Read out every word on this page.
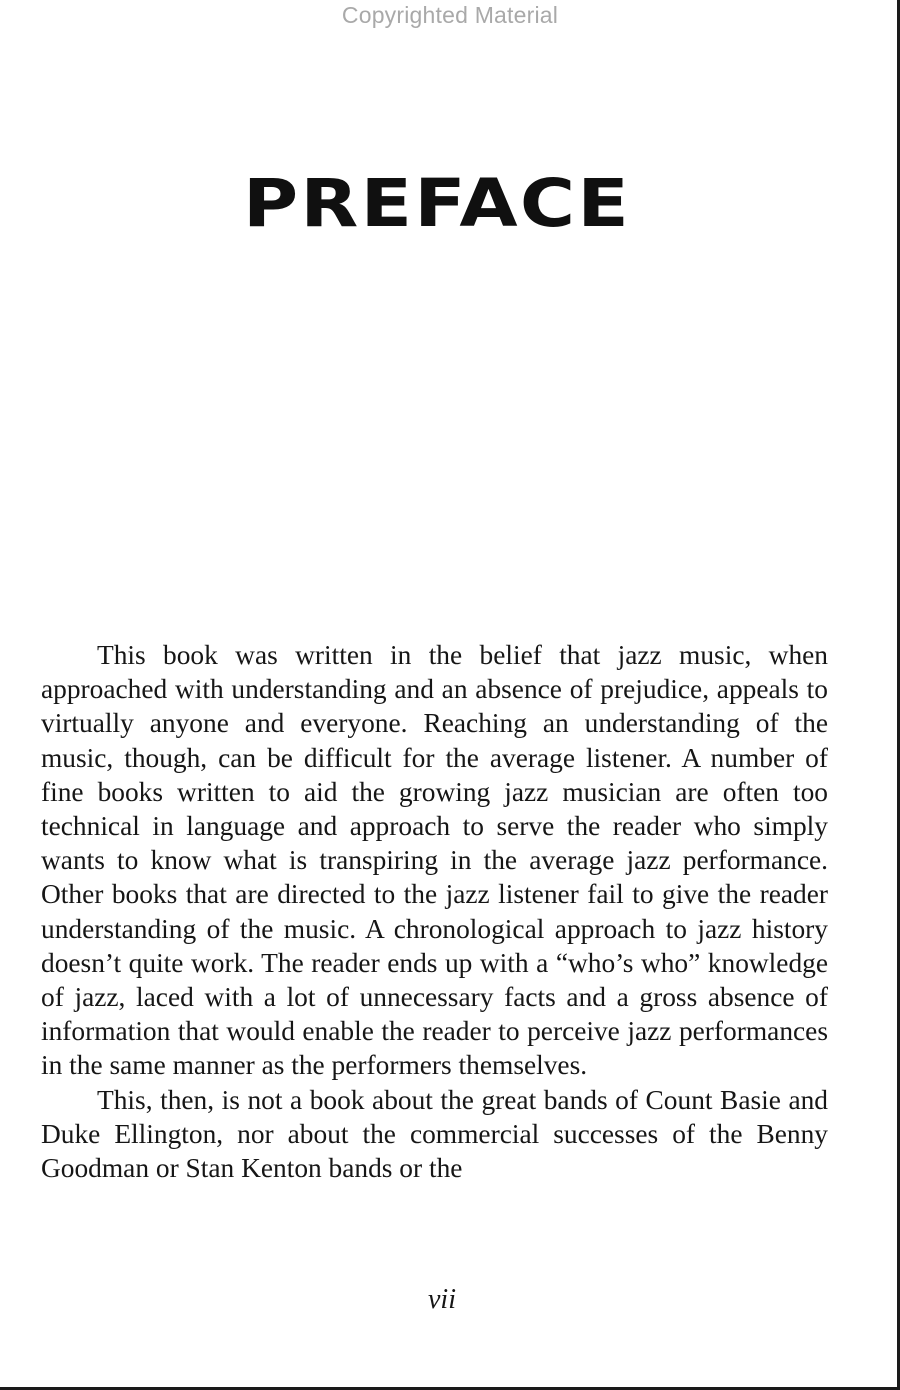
Copyrighted Material
PREFACE

This book was written in the belief that jazz music, when approached with understanding and an absence of prejudice, appeals to virtually anyone and everyone. Reaching an understanding of the music, though, can be difficult for the average listener. A number of fine books written to aid the growing jazz musician are often too technical in language and approach to serve the reader who simply wants to know what is transpiring in the average jazz performance. Other books that are directed to the jazz listener fail to give the reader understanding of the music. A chronological approach to jazz history doesn’t quite work. The reader ends up with a “who’s who” knowledge of jazz, laced with a lot of unnecessary facts and a gross absence of information that would enable the reader to perceive jazz performances in the same manner as the performers themselves.

This, then, is not a book about the great bands of Count Basie and Duke Ellington, nor about the commercial successes of the Benny Goodman or Stan Kenton bands or the

vii
